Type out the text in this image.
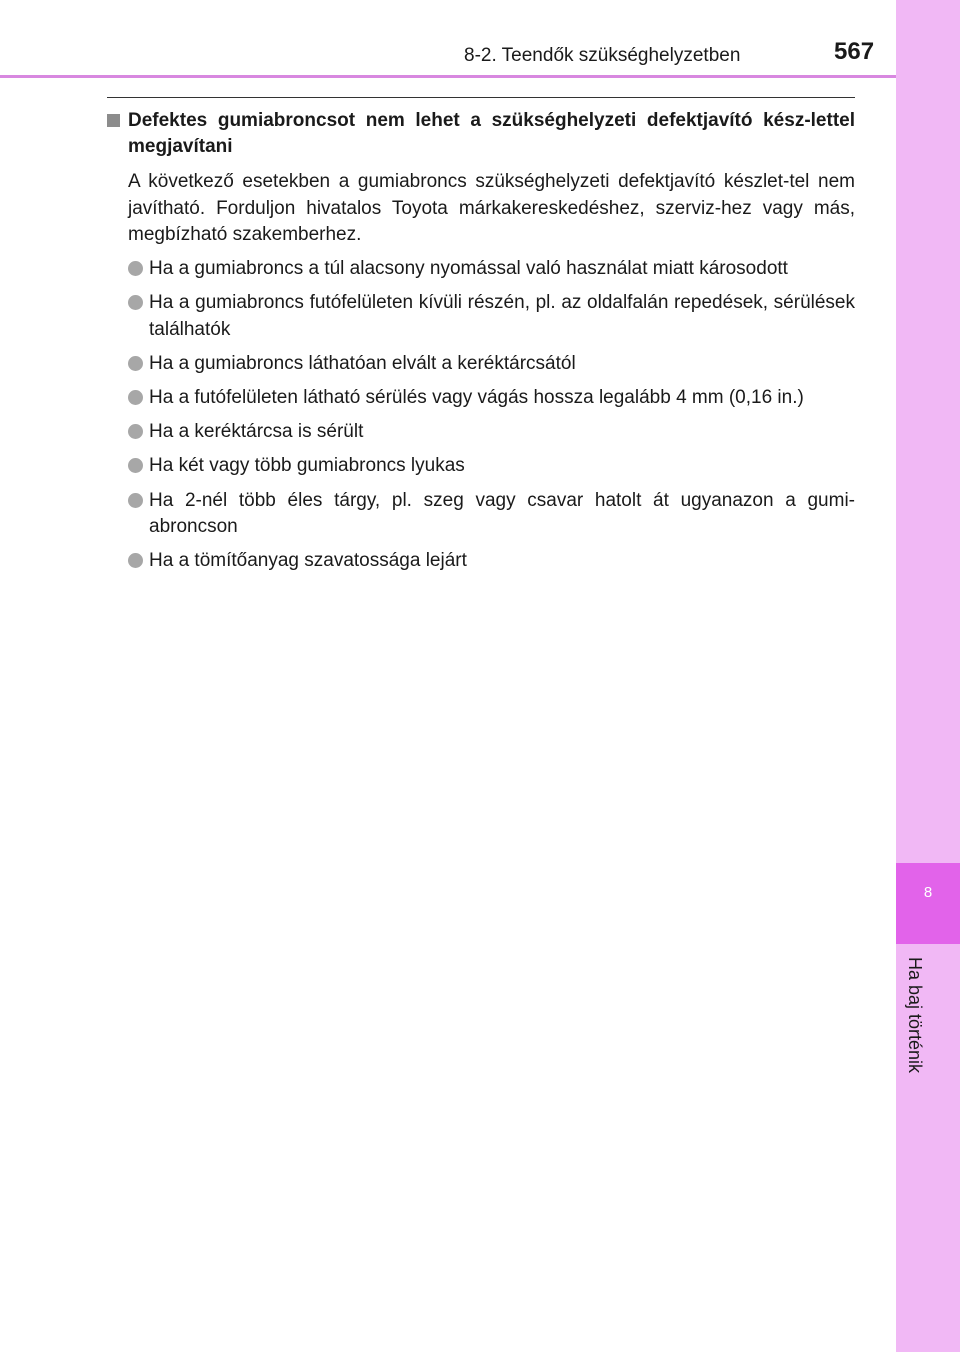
8
Ha baj történik
8-2. Teendők szükséghelyzetben	567
Defektes gumiabroncsot nem lehet a szükséghelyzeti defektjavító kész-lettel megjavítani

A következő esetekben a gumiabroncs szükséghelyzeti defektjavító készlet-tel nem javítható. Forduljon hivatalos Toyota márkakereskedéshez, szerviz-hez vagy más, megbízható szakemberhez.

Ha a gumiabroncs a túl alacsony nyomással való használat miatt károsodott
Ha a gumiabroncs futófelületen kívüli részén, pl. az oldalfalán repedések, sérülések találhatók
Ha a gumiabroncs láthatóan elvált a keréktárcsától
Ha a futófelületen látható sérülés vagy vágás hossza legalább 4 mm (0,16 in.)
Ha a keréktárcsa is sérült
Ha két vagy több gumiabroncs lyukas
Ha 2-nél több éles tárgy, pl. szeg vagy csavar hatolt át ugyanazon a gumi-abroncson
Ha a tömítőanyag szavatossága lejárt
